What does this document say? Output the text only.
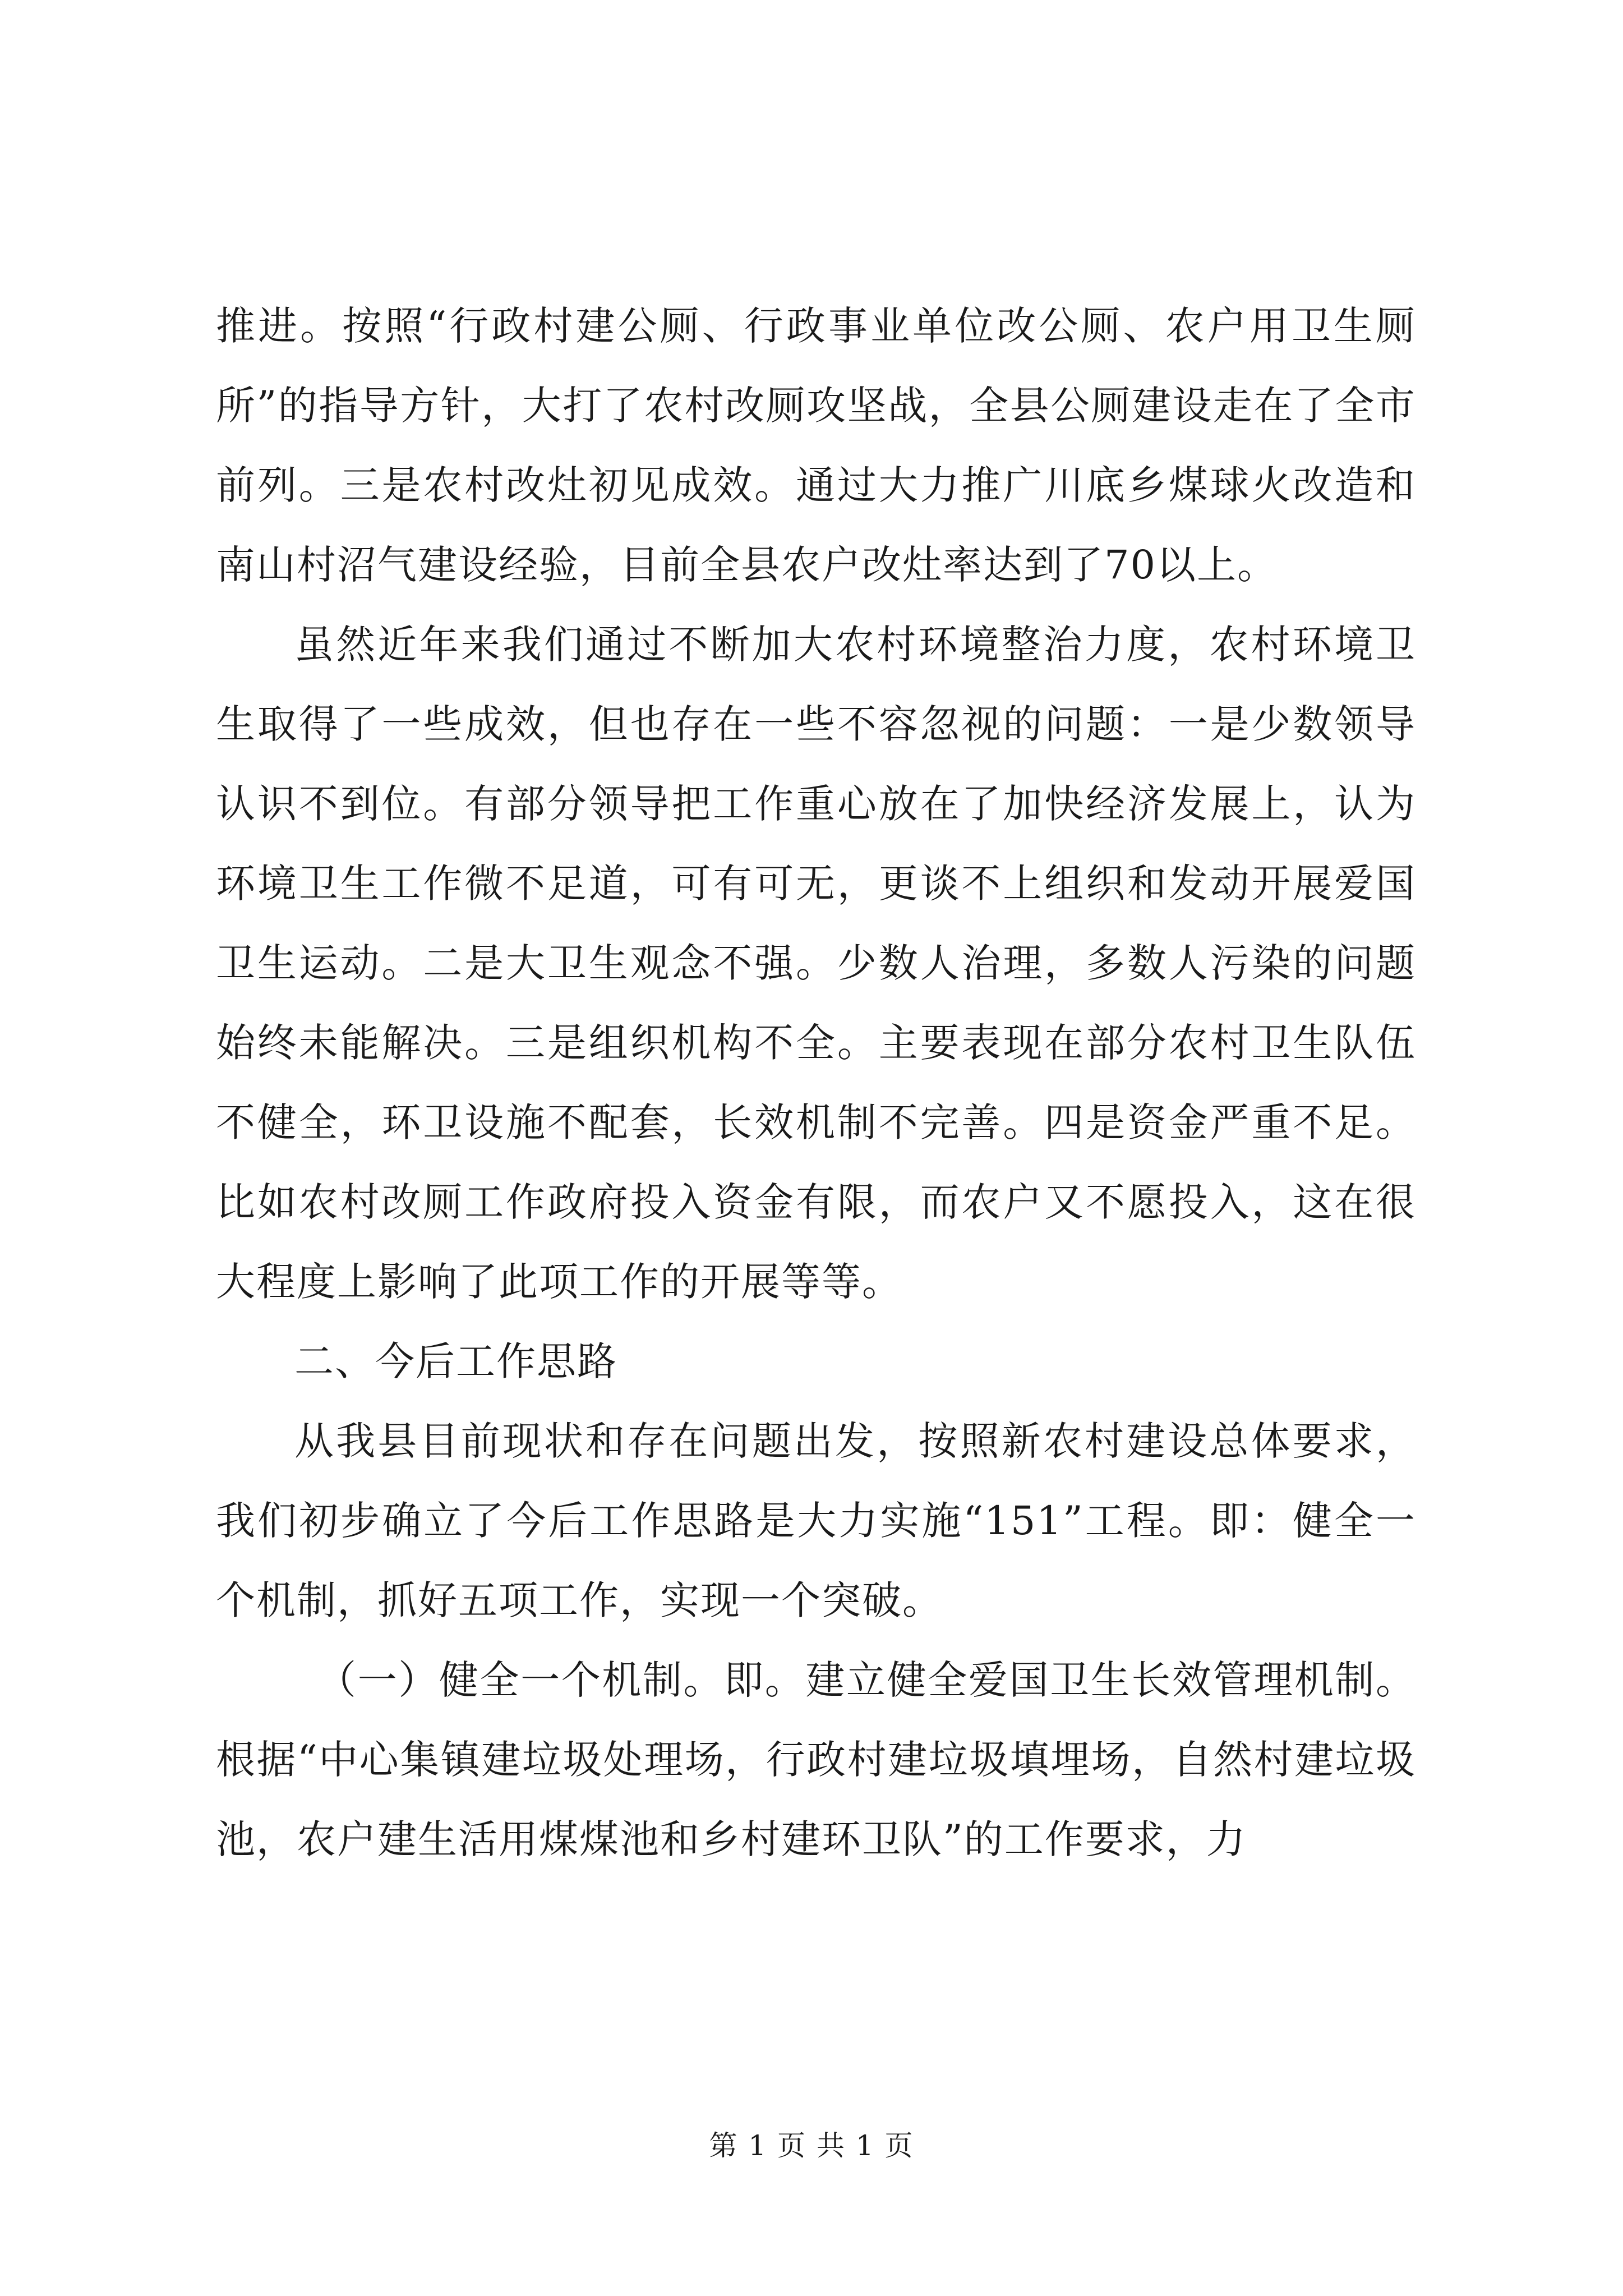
推进。按照“行政村建公厕、行政事业单位改公厕、农户用卫生厕所”的指导方针，大打了农村改厕攻坚战，全县公厕建设走在了全市前列。三是农村改灶初见成效。通过大力推广川底乡煤球火改造和南山村沼气建设经验，目前全县农户改灶率达到了70以上。

虽然近年来我们通过不断加大农村环境整治力度，农村环境卫生取得了一些成效，但也存在一些不容忽视的问题：一是少数领导认识不到位。有部分领导把工作重心放在了加快经济发展上，认为环境卫生工作微不足道，可有可无，更谈不上组织和发动开展爱国卫生运动。二是大卫生观念不强。少数人治理，多数人污染的问题始终未能解决。三是组织机构不全。主要表现在部分农村卫生队伍不健全，环卫设施不配套，长效机制不完善。四是资金严重不足。比如农村改厕工作政府投入资金有限，而农户又不愿投入，这在很大程度上影响了此项工作的开展等等。

二、今后工作思路

从我县目前现状和存在问题出发，按照新农村建设总体要求，我们初步确立了今后工作思路是大力实施“151”工程。即：健全一个机制，抓好五项工作，实现一个突破。

（一）健全一个机制。即。建立健全爱国卫生长效管理机制。根据“中心集镇建垃圾处理场，行政村建垃圾填埋场，自然村建垃圾池，农户建生活用煤煤池和乡村建环卫队”的工作要求，力

第 1 页 共 1 页
